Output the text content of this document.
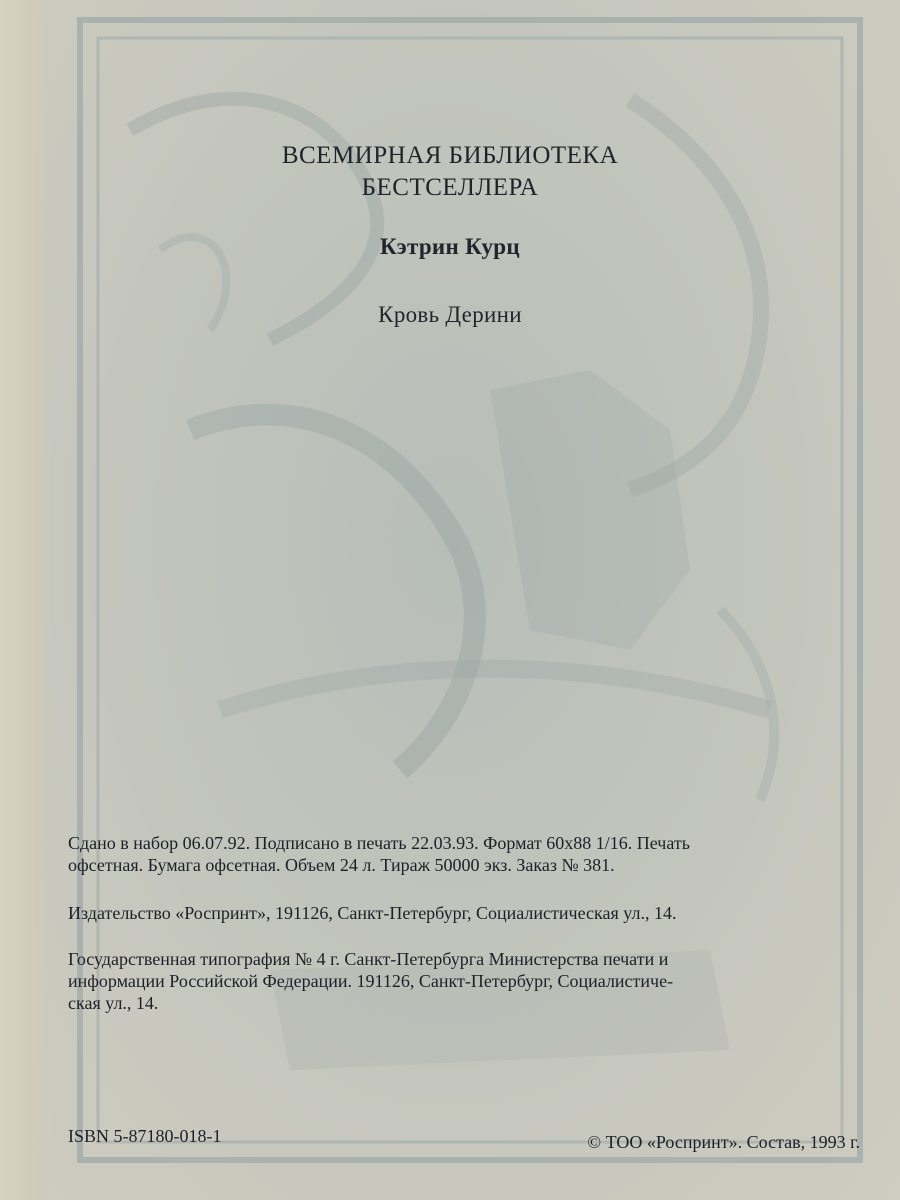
ВСЕМИРНАЯ БИБЛИОТЕКА
БЕСТСЕЛЛЕРА
Кэтрин Курц
Кровь Дерини
Сдано в набор 06.07.92. Подписано в печать 22.03.93. Формат 60x88 1/16. Печать
офсетная. Бумага офсетная. Объем 24 л. Тираж 50000 экз. Заказ № 381.
Издательство «Роспринт», 191126, Санкт-Петербург, Социалистическая ул., 14.
Государственная типография № 4 г. Санкт-Петербурга Министерства печати и
информации Российской Федерации. 191126, Санкт-Петербург, Социалистиче-
ская ул., 14.
ISBN 5-87180-018-1	© ТОО «Роспринт». Состав, 1993 г.
